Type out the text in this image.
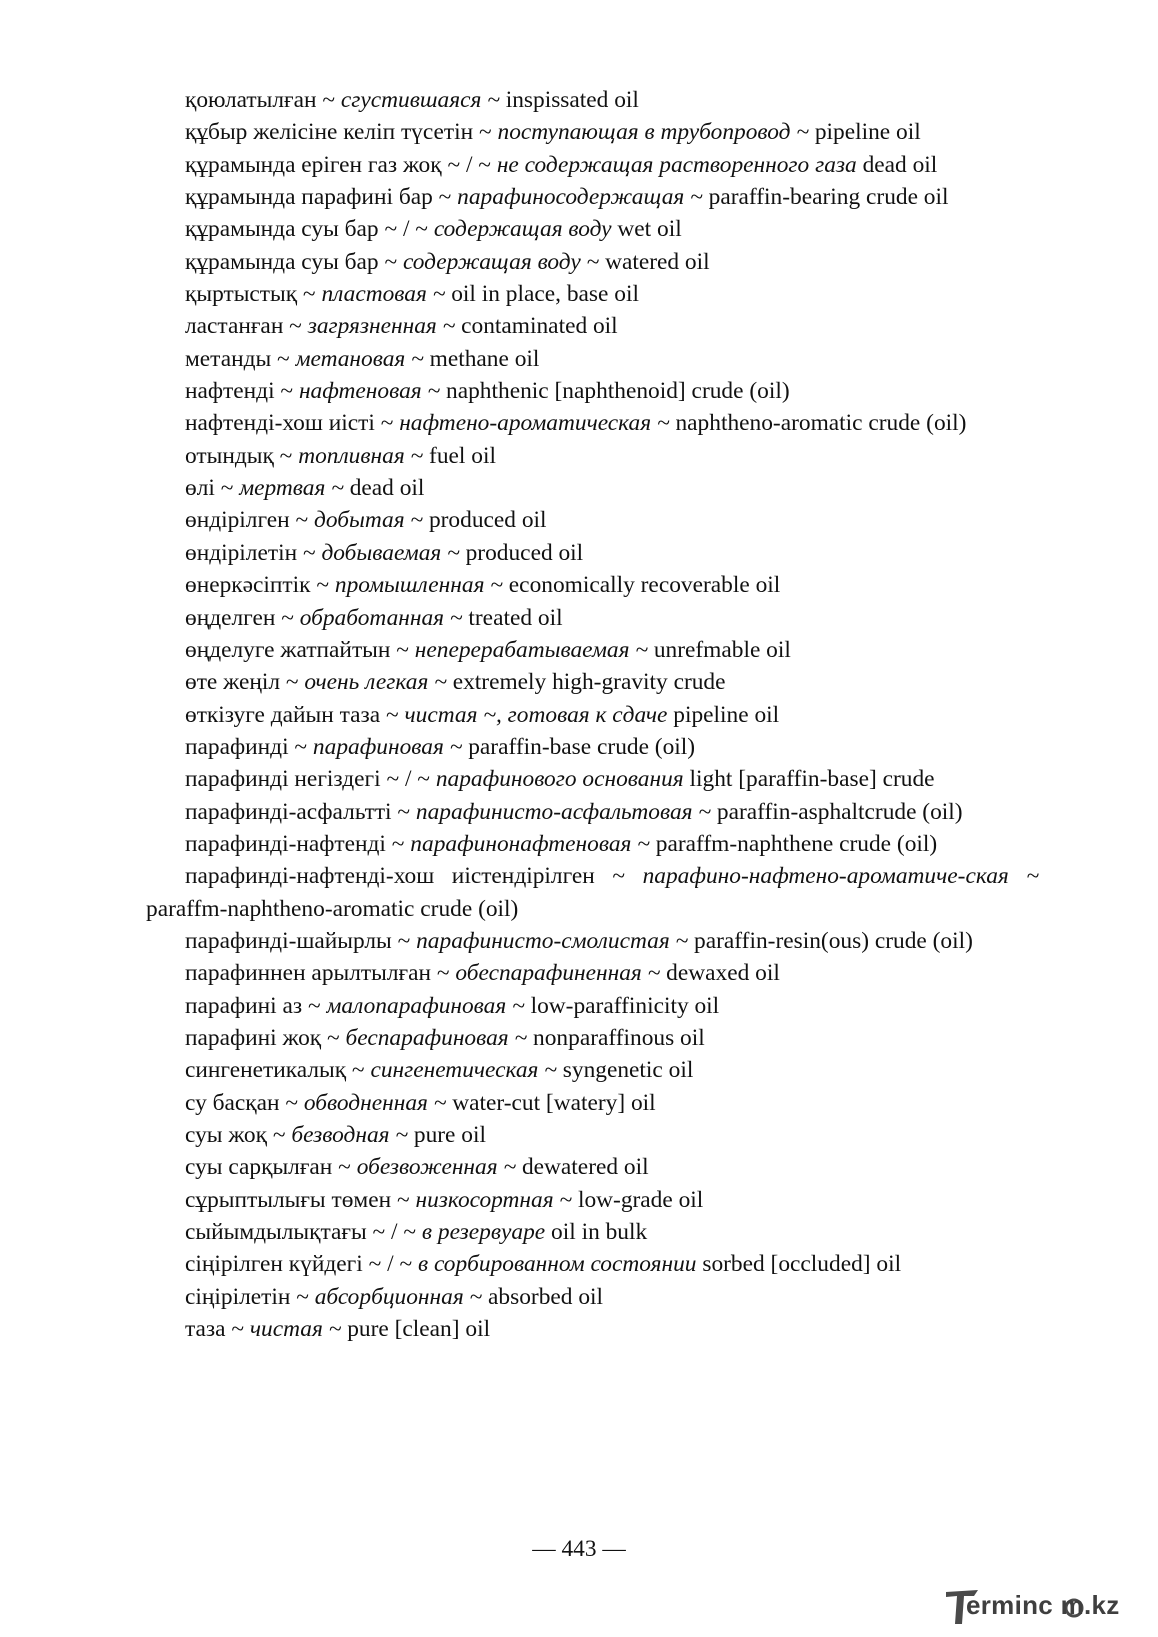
қоюлатылған ~ сгустившаяся ~ inspissated oil

құбыр желісіне келіп түсетін ~ поступающая в трубопровод ~ pipeline oil

құрамында еріген газ жоқ ~ / ~ не содержащая растворенного газа dead oil

құрамында парафині бар ~ парафиносодержащая ~ paraffin-bearing crude oil

құрамында суы бар ~ / ~ содержащая воду wet oil

құрамында суы бар ~ содержащая воду ~ watered oil

қыртыстық ~ пластовая ~ oil in place, base oil

ластанған ~ загрязненная ~ contaminated oil

метанды ~ метановая ~ methane oil

нафтенді ~ нафтеновая ~ naphthenic [naphthenoid] crude (oil)

нафтенді-хош иісті ~ нафтено-ароматическая ~ naphtheno-aromatic crude (oil)

отындық ~ топливная ~ fuel oil

өлі ~ мертвая ~ dead oil

өндірілген ~ добытая ~ produced oil

өндірілетін ~ добываемая ~ produced oil

өнеркәсіптік ~ промышленная ~ economically recoverable oil

өңделген ~ обработанная ~ treated oil

өңделуге жатпайтын ~ неперерабатываемая ~ unrefmable oil

өте жеңіл ~ очень легкая ~ extremely high-gravity crude

өткізуге дайын таза ~ чистая ~, готовая к сдаче pipeline oil

парафинді ~ парафиновая ~ paraffin-base crude (oil)

парафинді негіздегі ~ / ~ парафинового основания light [paraffin-base] crude

парафинді-асфальтті ~ парафинисто-асфальтовая ~ paraffin-asphaltcrude (oil)

парафинді-нафтенді ~ парафинонафтеновая ~ paraffm-naphthene crude (oil)

парафинді-нафтенді-хош иістендірілген ~ парафино-нафтено-ароматиче-ская ~ paraffm-naphtheno-aromatic crude (oil)

парафинді-шайырлы ~ парафинисто-смолистая ~ paraffin-resin(ous) crude (oil)

парафиннен арылтылған ~ обеспарафиненная ~ dewaxed oil

парафині аз ~ малопарафиновая ~ low-paraffinicity oil

парафині жоқ ~ беспарафиновая ~ nonparaffinous oil

сингенетикалық ~ сингенетическая ~ syngenetic oil

су басқан ~ обводненная ~ water-cut [watery] oil

суы жоқ ~ безводная ~ pure oil

суы сарқылған ~ обезвоженная ~ dewatered oil

сұрыптылығы төмен ~ низкосортная ~ low-grade oil

сыйымдылықтағы ~ / ~ в резервуаре oil in bulk

сіңірілген күйдегі ~ / ~ в сорбированном состоянии sorbed [occluded] oil

сіңірілетін ~ абсорбционная ~ absorbed oil

таза ~ чистая ~ pure [clean] oil

— 443 —
erminc m.kz
